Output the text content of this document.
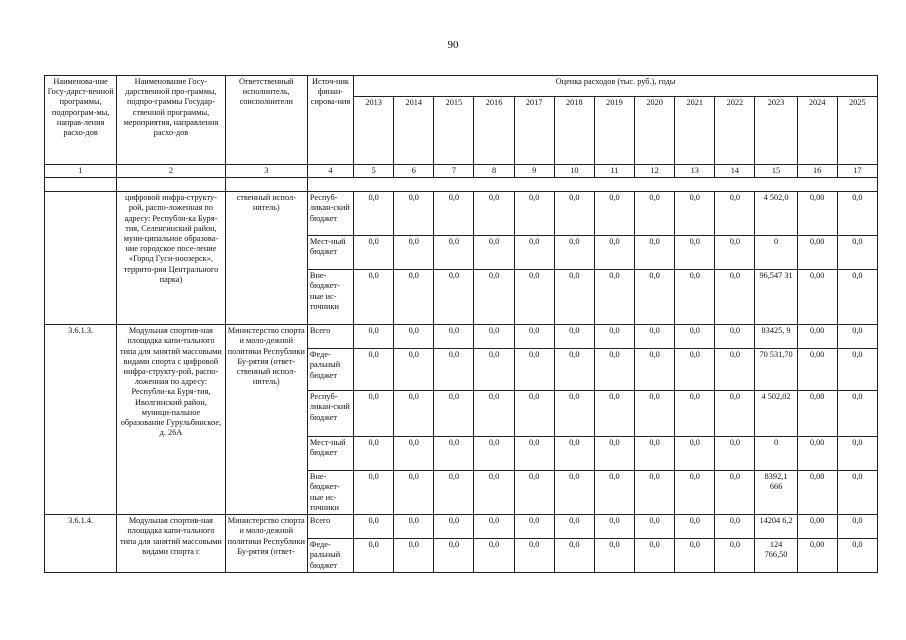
90
Наименова-ние Госу-дарст-венной программы, подпрограм-мы, направ-ления расхо-дов	Наименование Госу-дарственной про-граммы, подпро-граммы Государ-ственной программы, мероприятия, направления расхо-дов	Ответственный исполнитель, соисполнители	Источ-ник финан-сирова-ния	Оценка расходов (тыс. руб.), годы												
				2013	2014	2015	2016	2017	2018	2019	2020	2021	2022	2023	2024	2025
1	2	3	4	5	6	7	8	9	10	11	12	13	14	15	16	17

	цифровой инфра-структу-рой, распо-ложенная по адресу: Республи-ка Буря-тия, Селенгинский район, муни-ципальное образова-ние городское посе-ление «Город Гуси-ноозерск», террито-рия Центрального парка)	ственный испол-нитель)	Респуб-ликан-ский бюджет	0,0	0,0	0,0	0,0	0,0	0,0	0,0	0,0	0,0	0,0	4 502,0	0,00	0,0
			Мест-ный бюджет	0,0	0,0	0,0	0,0	0,0	0,0	0,0	0,0	0,0	0,0	0	0,00	0,0
			Вне-бюджет-ные ис-точники	0,0	0,0	0,0	0,0	0,0	0,0	0,0	0,0	0,0	0,0	96,547 31	0,00	0,0
3.6.1.3.	Модульная спортив-ная площадка капи-тального типа для занятий массовыми видами спорта с цифровой инфра-структу-рой, распо-ложенная по адресу: Республи-ка Буря-тия, Иволгинский район, муници-пальное образование Гурульбинское, д. 26А	Министерство спорта и моло-дежной политики Республики Бу-рятия (ответ-ственный испол-нитель)	Всего	0,0	0,0	0,0	0,0	0,0	0,0	0,0	0,0	0,0	0,0	83425, 9	0,00	0,0
			Феде-ральный бюджет	0,0	0,0	0,0	0,0	0,0	0,0	0,0	0,0	0,0	0,0	70 531,70	0,00	0,0
			Респуб-ликан-ский бюджет	0,0	0,0	0,0	0,0	0,0	0,0	0,0	0,0	0,0	0,0	4 502,02	0,00	0,0
			Мест-ный бюджет	0,0	0,0	0,0	0,0	0,0	0,0	0,0	0,0	0,0	0,0	0	0,00	0,0
			Вне-бюджет-ные ис-точники	0,0	0,0	0,0	0,0	0,0	0,0	0,0	0,0	0,0	0,0	8392,1 666	0,00	0,0
3.6.1.4.	Модульная спортив-ная площадка капи-тального типа для занятий массовыми видами спорта с	Министерство спорта и моло-дежной политики Республики Бу-рятия (ответ-	Всего	0,0	0,0	0,0	0,0	0,0	0,0	0,0	0,0	0,0	0,0	14204 6,2	0,00	0,0
			Феде-ральный бюджет	0,0	0,0	0,0	0,0	0,0	0,0	0,0	0,0	0,0	0,0	124 766,50	0,00	0,0
